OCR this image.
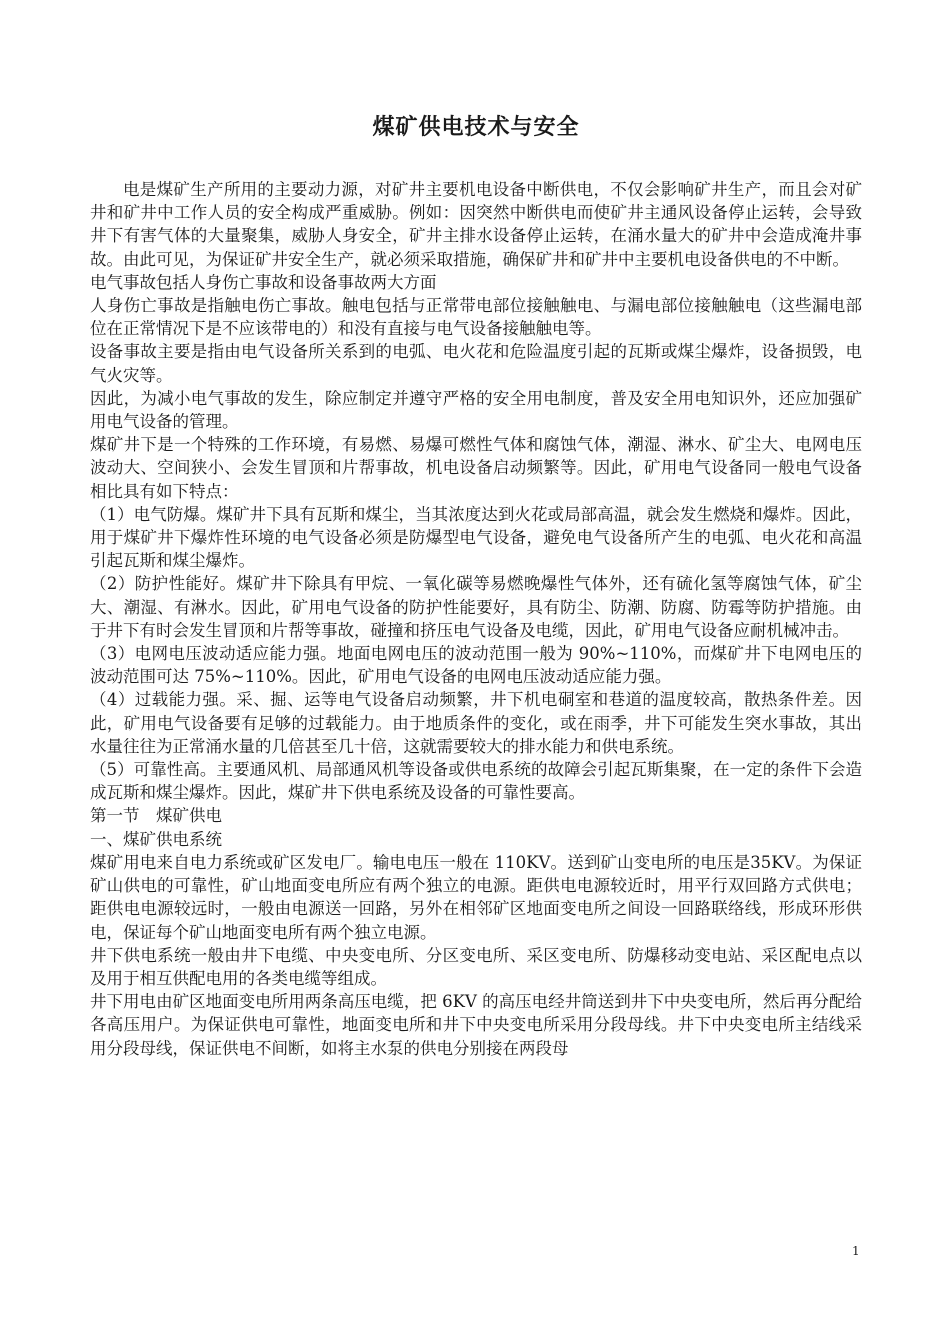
煤矿供电技术与安全

电是煤矿生产所用的主要动力源，对矿井主要机电设备中断供电，不仅会影响矿井生产，而且会对矿井和矿井中工作人员的安全构成严重威胁。例如：因突然中断供电而使矿井主通风设备停止运转，会导致井下有害气体的大量聚集，威胁人身安全，矿井主排水设备停止运转，在涌水量大的矿井中会造成淹井事故。由此可见，为保证矿井安全生产，就必须采取措施，确保矿井和矿井中主要机电设备供电的不中断。

电气事故包括人身伤亡事故和设备事故两大方面

人身伤亡事故是指触电伤亡事故。触电包括与正常带电部位接触触电、与漏电部位接触触电（这些漏电部位在正常情况下是不应该带电的）和没有直接与电气设备接触触电等。

设备事故主要是指由电气设备所关系到的电弧、电火花和危险温度引起的瓦斯或煤尘爆炸，设备损毁，电气火灾等。

因此，为减小电气事故的发生，除应制定并遵守严格的安全用电制度，普及安全用电知识外，还应加强矿用电气设备的管理。

煤矿井下是一个特殊的工作环境，有易燃、易爆可燃性气体和腐蚀气体，潮湿、淋水、矿尘大、电网电压波动大、空间狭小、会发生冒顶和片帮事故，机电设备启动频繁等。因此，矿用电气设备同一般电气设备相比具有如下特点：

（1）电气防爆。煤矿井下具有瓦斯和煤尘，当其浓度达到火花或局部高温，就会发生燃烧和爆炸。因此，用于煤矿井下爆炸性环境的电气设备必须是防爆型电气设备，避免电气设备所产生的电弧、电火花和高温引起瓦斯和煤尘爆炸。

（2）防护性能好。煤矿井下除具有甲烷、一氧化碳等易燃晚爆性气体外，还有硫化氢等腐蚀气体，矿尘大、潮湿、有淋水。因此，矿用电气设备的防护性能要好，具有防尘、防潮、防腐、防霉等防护措施。由于井下有时会发生冒顶和片帮等事故，碰撞和挤压电气设备及电缆，因此，矿用电气设备应耐机械冲击。

（3）电网电压波动适应能力强。地面电网电压的波动范围一般为 90%~110%，而煤矿井下电网电压的波动范围可达 75%~110%。因此，矿用电气设备的电网电压波动适应能力强。

（4）过载能力强。采、掘、运等电气设备启动频繁，井下机电硐室和巷道的温度较高，散热条件差。因此，矿用电气设备要有足够的过载能力。由于地质条件的变化，或在雨季，井下可能发生突水事故，其出水量往往为正常涌水量的几倍甚至几十倍，这就需要较大的排水能力和供电系统。

（5）可靠性高。主要通风机、局部通风机等设备或供电系统的故障会引起瓦斯集聚，在一定的条件下会造成瓦斯和煤尘爆炸。因此，煤矿井下供电系统及设备的可靠性要高。

第一节　煤矿供电

一、煤矿供电系统

煤矿用电来自电力系统或矿区发电厂。输电电压一般在 110KV。送到矿山变电所的电压是35KV。为保证矿山供电的可靠性，矿山地面变电所应有两个独立的电源。距供电电源较近时，用平行双回路方式供电；距供电电源较远时，一般由电源送一回路，另外在相邻矿区地面变电所之间设一回路联络线，形成环形供电，保证每个矿山地面变电所有两个独立电源。

井下供电系统一般由井下电缆、中央变电所、分区变电所、采区变电所、防爆移动变电站、采区配电点以及用于相互供配电用的各类电缆等组成。

井下用电由矿区地面变电所用两条高压电缆，把 6KV 的高压电经井筒送到井下中央变电所，然后再分配给各高压用户。为保证供电可靠性，地面变电所和井下中央变电所采用分段母线。井下中央变电所主结线采用分段母线，保证供电不间断，如将主水泵的供电分别接在两段母

1
